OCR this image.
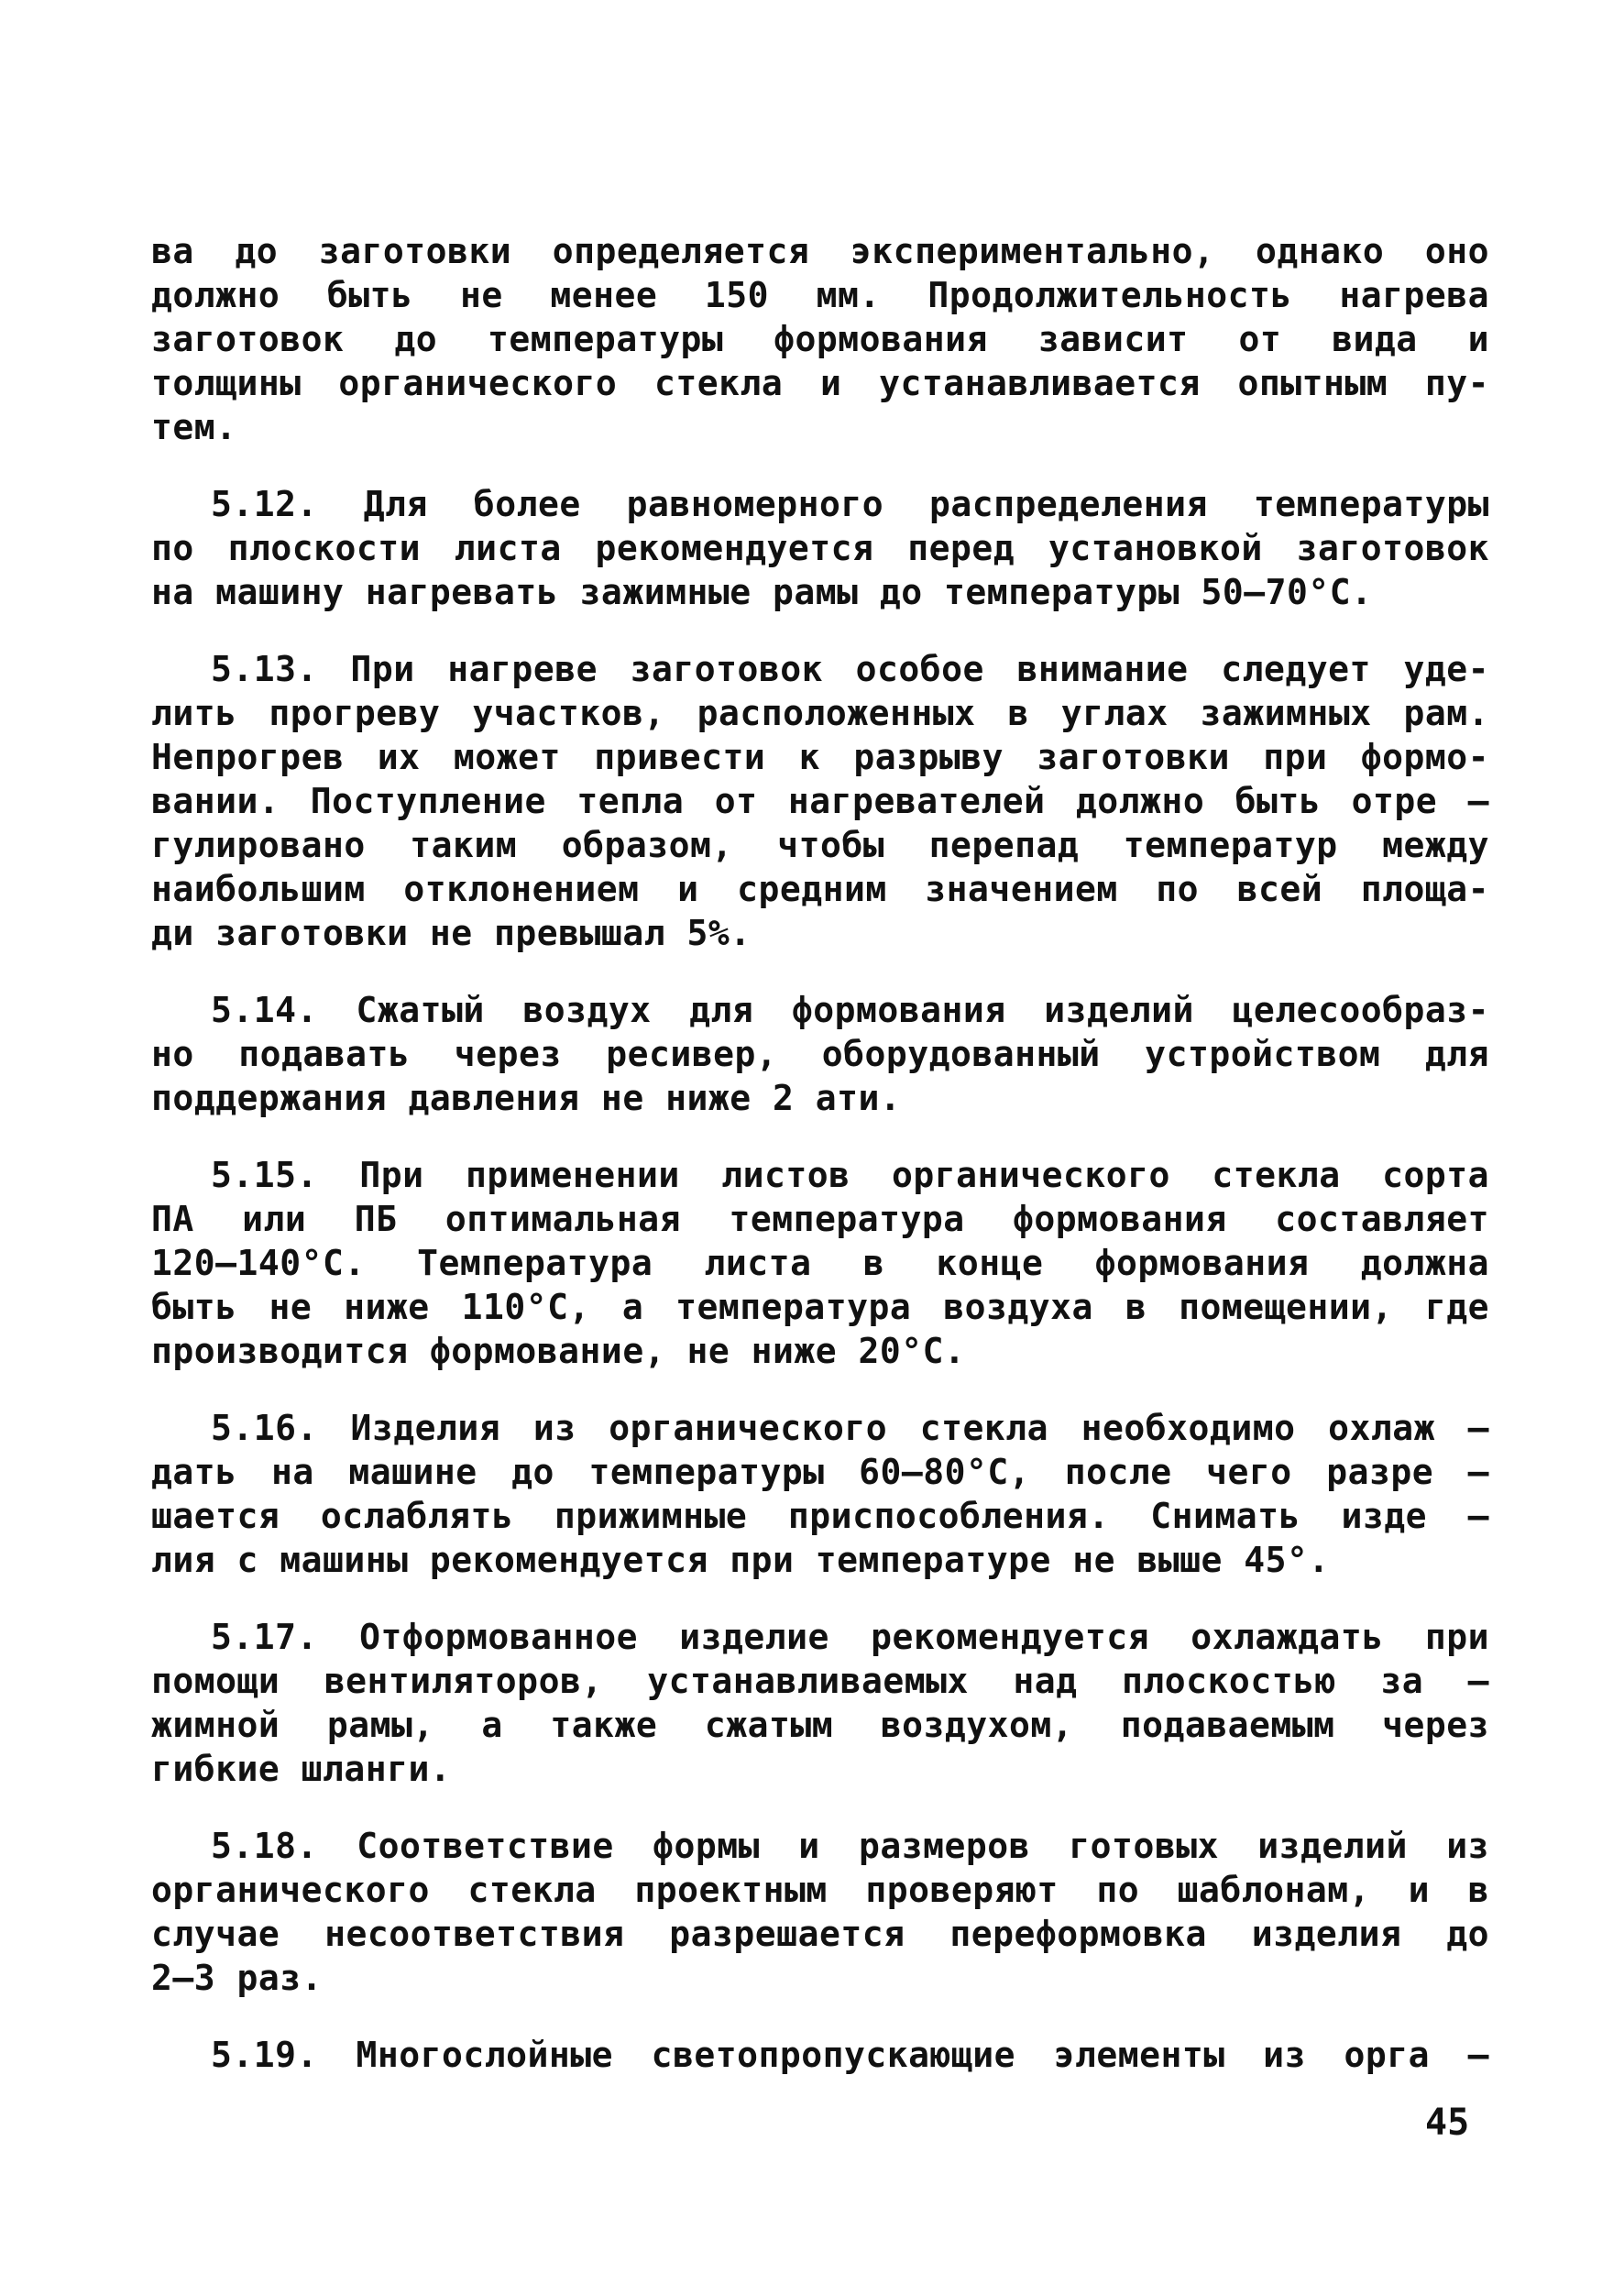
ва до заготовки определяется экспериментально, однако оно
должно быть не менее 150 мм. Продолжительность нагрева
заготовок до температуры формования зависит от вида и
толщины органического стекла и устанавливается опытным пу-
тем.

5.12. Для более равномерного распределения температуры
по плоскости листа рекомендуется перед установкой заготовок
на машину нагревать зажимные рамы до температуры 50–70°С.

5.13. При нагреве заготовок особое внимание следует уде-
лить прогреву участков, расположенных в углах зажимных рам.
Непрогрев их может привести к разрыву заготовки при формо-
вании. Поступление тепла от нагревателей должно быть отре –
гулировано таким образом, чтобы перепад температур между
наибольшим отклонением и средним значением по всей площа-
ди заготовки не превышал 5%.

5.14. Сжатый воздух для формования изделий целесообраз-
но подавать через ресивер, оборудованный устройством для
поддержания давления не ниже 2 ати.

5.15. При применении листов органического стекла сорта
ПА или ПБ оптимальная температура формования составляет
120–140°С. Температура листа в конце формования должна
быть не ниже 110°С, а температура воздуха в помещении, где
производится формование, не ниже 20°С.

5.16. Изделия из органического стекла необходимо охлаж –
дать на машине до температуры 60–80°С, после чего разре –
шается ослаблять прижимные приспособления. Снимать изде –
лия с машины рекомендуется при температуре не выше 45°.

5.17. Отформованное изделие рекомендуется охлаждать при
помощи вентиляторов, устанавливаемых над плоскостью за –
жимной рамы, а также сжатым воздухом, подаваемым через
гибкие шланги.

5.18. Соответствие формы и размеров готовых изделий из
органического стекла проектным проверяют по шаблонам, и в
случае несоответствия разрешается переформовка изделия до
2–3 раз.

5.19. Многослойные светопропускающие элементы из орга –

45
